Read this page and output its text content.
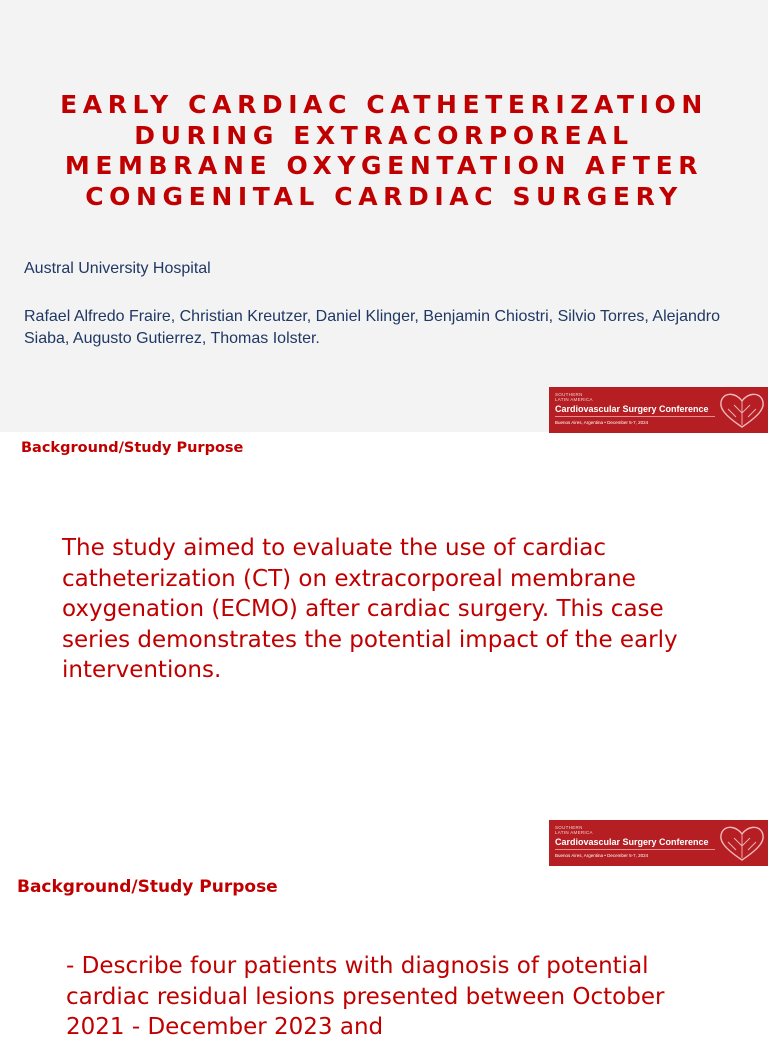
EARLY CARDIAC CATHETERIZATION
DURING EXTRACORPOREAL
MEMBRANE OXYGENTATION AFTER
CONGENITAL CARDIAC SURGERY
Austral University Hospital
Rafael Alfredo Fraire, Christian Kreutzer, Daniel Klinger, Benjamin Chiostri, Silvio Torres, Alejandro Siaba, Augusto Gutierrez, Thomas Iolster.
SOUTHERN
LATIN AMERICA
Cardiovascular Surgery Conference
Buenos Aires, Argentina • December 5-7, 2024
Background/Study Purpose
The study aimed to evaluate the use of cardiac catheterization (CT) on extracorporeal membrane oxygenation (ECMO) after cardiac surgery. This case series demonstrates the potential impact of the early interventions.
SOUTHERN
LATIN AMERICA
Cardiovascular Surgery Conference
Buenos Aires, Argentina • December 5-7, 2024
Background/Study Purpose
- Describe four patients with diagnosis of potential cardiac residual lesions presented between October 2021 - December 2023 and
